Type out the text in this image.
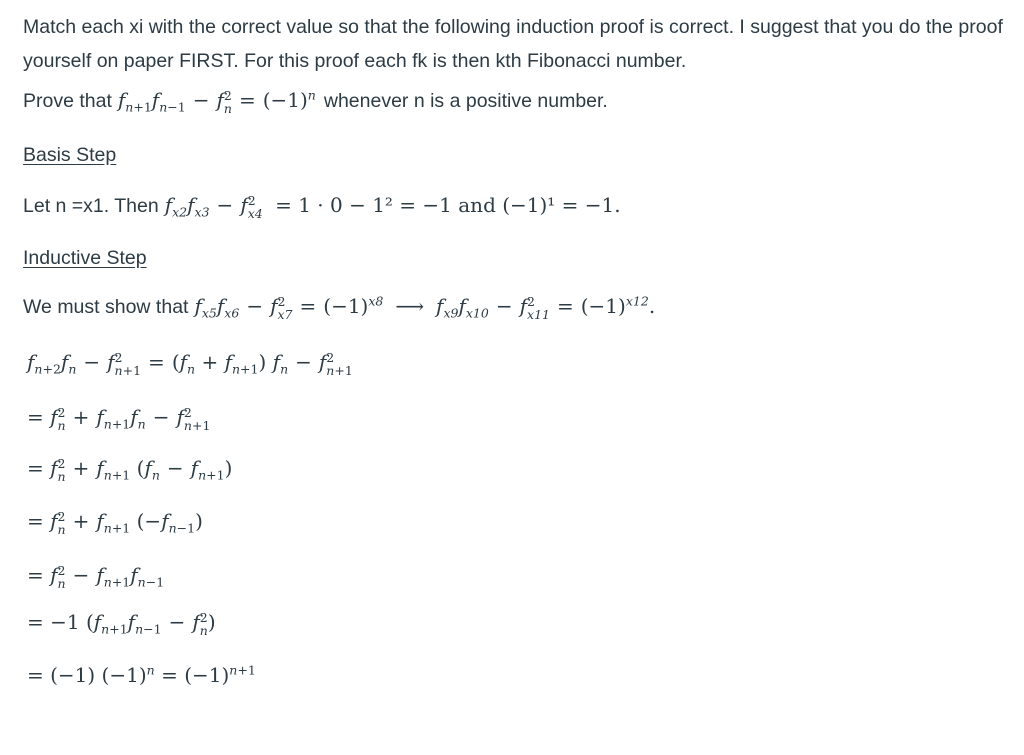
Match each xi with the correct value so that the following induction proof is correct. I suggest that you do the proof yourself on paper FIRST. For this proof each fk is then kth Fibonacci number.
Prove that $f_{n+1}f_{n-1} - f$ 2
$n = (-1)^n$ whenever n is a positive number.
Basis Step
Let n =x1. Then $f_{x2}f_{x3} - f$ 2
x4 = 1 · 0 − 1² = −1 and (−1)¹ = −1.
Inductive Step
We must show that $f_{x5}f_{x6} - f$ 2
$x7 = (-1)^{x8}$ ⟶ $f_{x9}f_{x10} - f$ 2
$x11 = (-1)^{x12}$.
$f_{n+2}f_n - f$ 2
$n+1 = (f_n + f_{n+1}) f_n - f$ 2
n+1
= f 2
$n + f_{n+1}f_n - f$ 2
n+1
= f 2
$n + f_{n+1}$ $(f_n - f_{n+1})$
= f 2
$n + f_{n+1}$ $(-f_{n-1})$
= f 2
$n - f_{n+1}f_{n-1}$
= −1 ($f_{n+1}f_{n-1} - f$ 2
n )
= (−1) $(-1)^n = (-1)^{n+1}$
